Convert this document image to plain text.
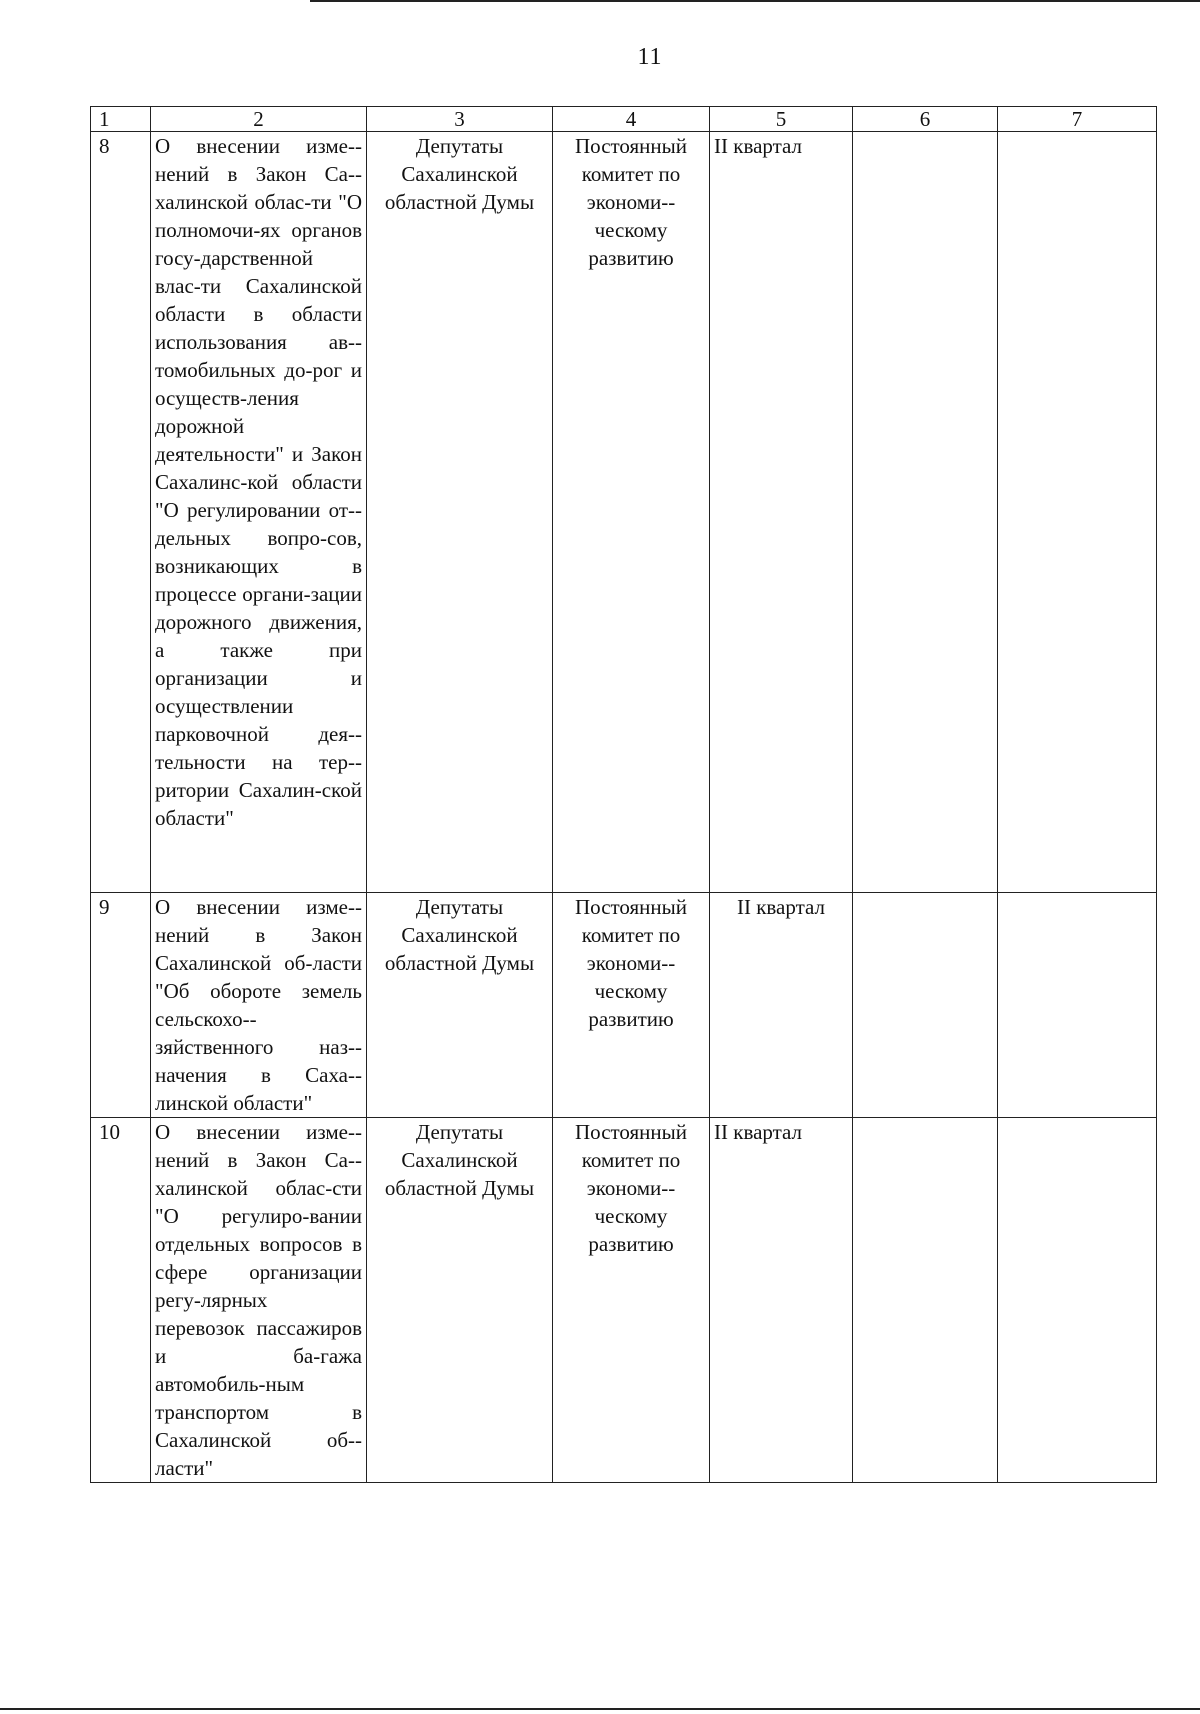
11
1	2	3	4	5	6	7
8	О внесении изме-нений в Закон Са-халинской облас-ти "О полномочи-ях органов госу-дарственной влас-ти Сахалинской области в области использования ав-томобильных до-рог и осуществ-ления дорожной деятельности" и Закон Сахалинс-кой области "О регулировании от-дельных вопро-сов, возникающих в процессе органи-зации дорожного движения, а также при организации и осуществлении парковочной дея-тельности на тер-ритории Сахалин-ской области"	Депутаты Сахалинской областной Думы	Постоянный комитет по экономи-ческому развитию	II квартал		
9	О внесении изме-нений в Закон Сахалинской об-ласти "Об обороте земель сельскохо-зяйственного наз-начения в Саха-линской области"	Депутаты Сахалинской областной Думы	Постоянный комитет по экономи-ческому развитию	II квартал		
10	О внесении изме-нений в Закон Са-халинской облас-сти "О регулиро-вании отдельных вопросов в сфере организации регу-лярных перевозок пассажиров и ба-гажа автомобиль-ным транспортом в Сахалинской об-ласти"	Депутаты Сахалинской областной Думы	Постоянный комитет по экономи-ческому развитию	II квартал		
